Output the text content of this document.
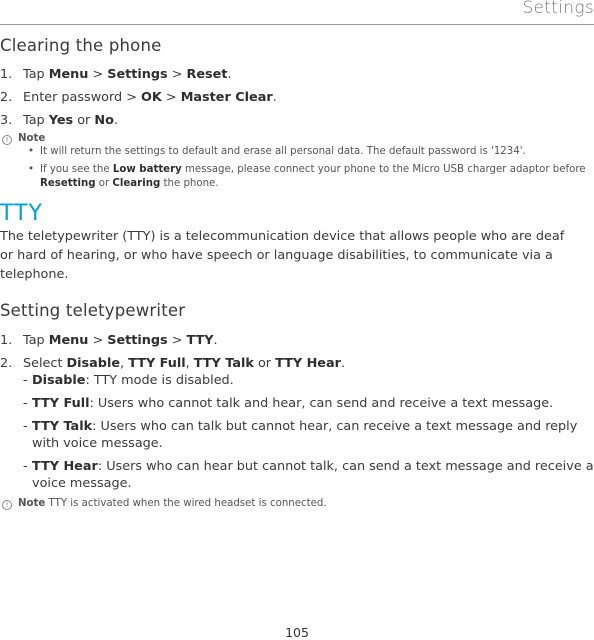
Settings
Clearing the phone
1. Tap Menu > Settings > Reset.
2. Enter password > OK > Master Clear.
3. Tap Yes or No.
! Note
• It will return the settings to default and erase all personal data. The default password is '1234'.
• If you see the Low battery message, please connect your phone to the Micro USB charger adaptor before Resetting or Clearing the phone.
TTY
The teletypewriter (TTY) is a telecommunication device that allows people who are deaf or hard of hearing, or who have speech or language disabilities, to communicate via a telephone.
Setting teletypewriter
1. Tap Menu > Settings > TTY.
2. Select Disable, TTY Full, TTY Talk or TTY Hear.
- Disable: TTY mode is disabled.
- TTY Full: Users who cannot talk and hear, can send and receive a text message.
- TTY Talk: Users who can talk but cannot hear, can receive a text message and reply with voice message.
- TTY Hear: Users who can hear but cannot talk, can send a text message and receive a voice message.
! Note TTY is activated when the wired headset is connected.
105
